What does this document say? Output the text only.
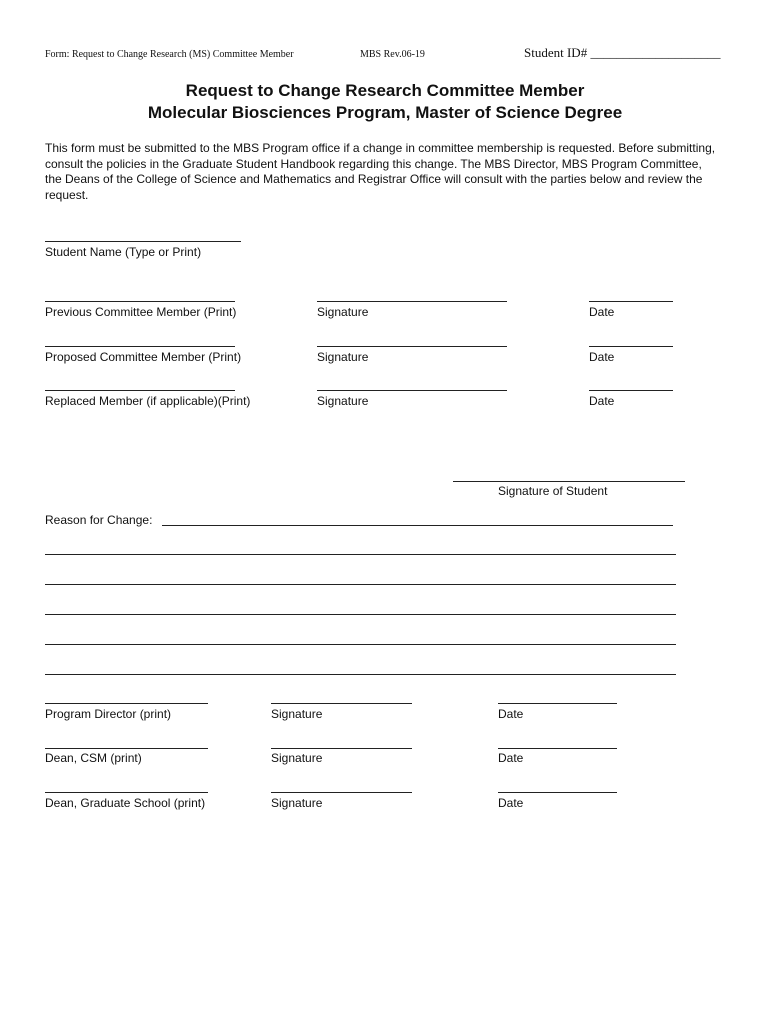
Form: Request to Change Research (MS) Committee Member	MBS Rev.06-19	Student ID# ____________________
Request to Change Research Committee Member
Molecular Biosciences Program, Master of Science Degree
This form must be submitted to the MBS Program office if a change in committee membership is requested. Before submitting, consult the policies in the Graduate Student Handbook regarding this change. The MBS Director, MBS Program Committee, the Deans of the College of Science and Mathematics and Registrar Office will consult with the parties below and review the request.
Student Name (Type or Print)
Previous Committee Member (Print)	Signature	Date
Proposed Committee Member (Print)	Signature	Date
Replaced Member (if applicable)(Print)	Signature	Date
Signature of Student
Reason for Change:
Program Director (print)	Signature	Date
Dean, CSM (print)	Signature	Date
Dean, Graduate School (print)	Signature	Date
